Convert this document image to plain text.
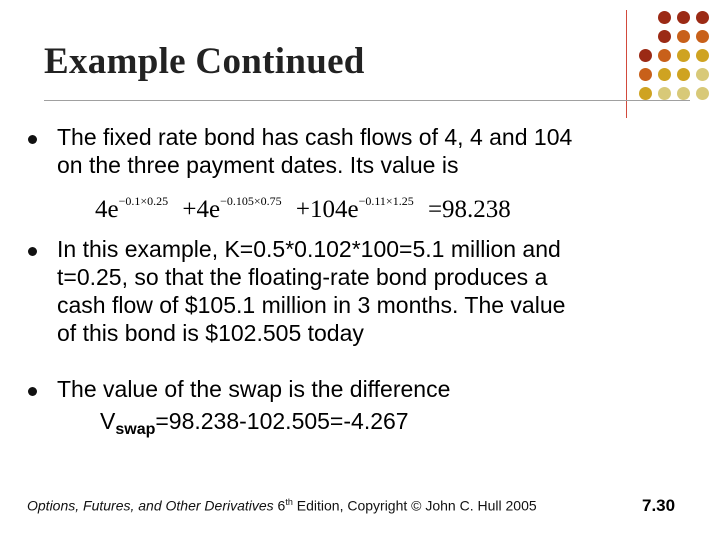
Example Continued
The fixed rate bond has cash flows of 4, 4 and 104
on the three payment dates. Its value is
$4e^{-0.1\times 0.25} +4e^{-0.105\times 0.75} +104e^{-0.11\times 1.25} =98.238$
In this example, K=0.5*0.102*100=5.1 million and
t=0.25, so that the floating-rate bond produces a
cash flow of $105.1 million in 3 months. The value
of this bond is $102.505 today
The value of the swap is the difference
$V_{swap}=98.238-102.505=-4.267$
Options, Futures, and Other Derivatives 6th Edition, Copyright © John C. Hull 2005	7.30
